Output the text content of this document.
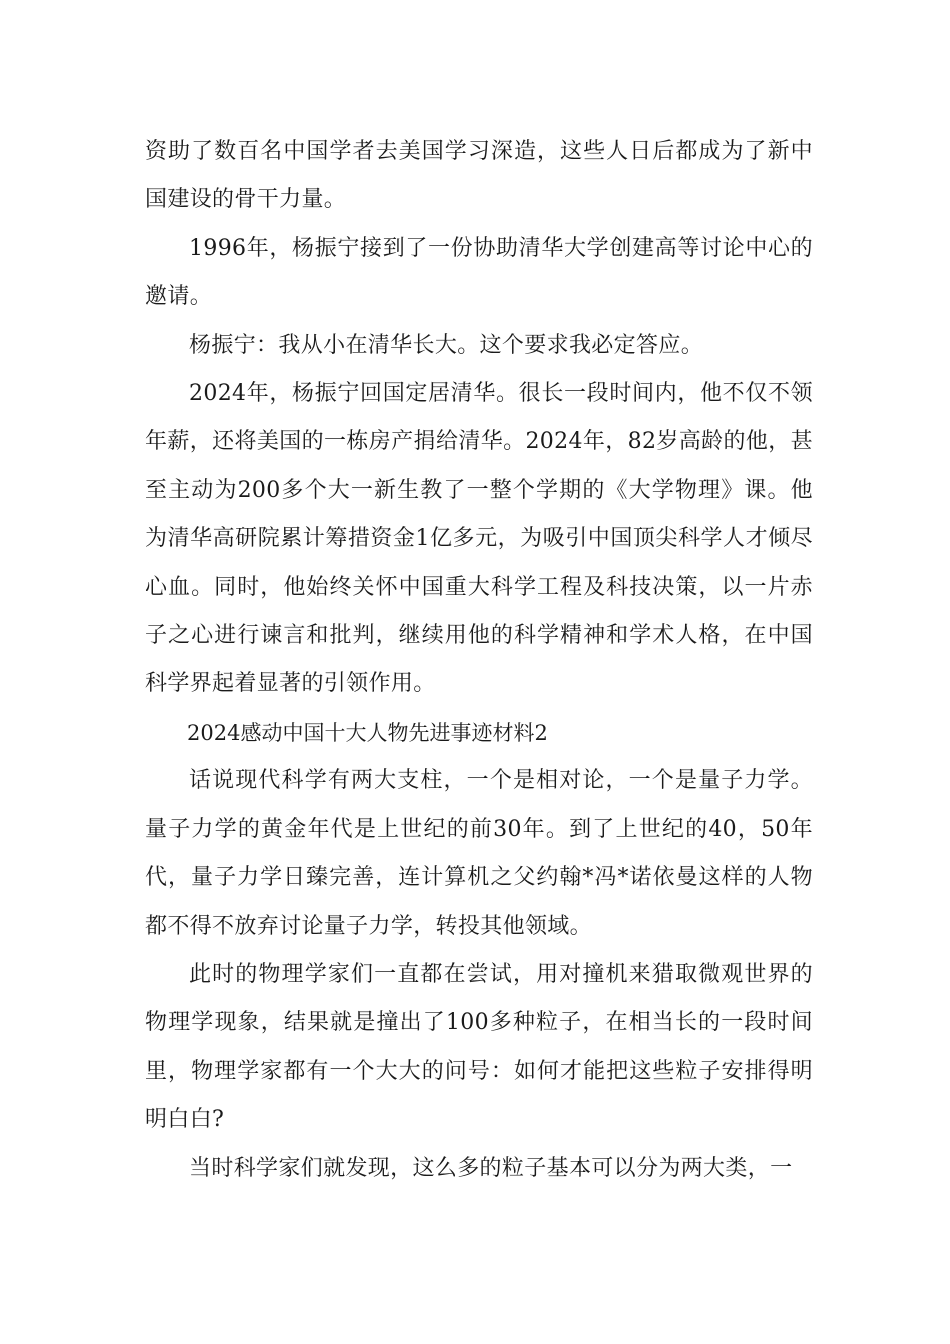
资助了数百名中国学者去美国学习深造，这些人日后都成为了新中国建设的骨干力量。

1996年，杨振宁接到了一份协助清华大学创建高等讨论中心的邀请。

杨振宁：我从小在清华长大。这个要求我必定答应。

2024年，杨振宁回国定居清华。很长一段时间内，他不仅不领年薪，还将美国的一栋房产捐给清华。2024年，82岁高龄的他，甚至主动为200多个大一新生教了一整个学期的《大学物理》课。他为清华高研院累计筹措资金1亿多元，为吸引中国顶尖科学人才倾尽心血。同时，他始终关怀中国重大科学工程及科技决策，以一片赤子之心进行谏言和批判，继续用他的科学精神和学术人格，在中国科学界起着显著的引领作用。

2024感动中国十大人物先进事迹材料2

话说现代科学有两大支柱，一个是相对论，一个是量子力学。量子力学的黄金年代是上世纪的前30年。到了上世纪的40，50年代，量子力学日臻完善，连计算机之父约翰*冯*诺依曼这样的人物都不得不放弃讨论量子力学，转投其他领域。

此时的物理学家们一直都在尝试，用对撞机来猎取微观世界的物理学现象，结果就是撞出了100多种粒子，在相当长的一段时间里，物理学家都有一个大大的问号：如何才能把这些粒子安排得明明白白?

当时科学家们就发现，这么多的粒子基本可以分为两大类，一
